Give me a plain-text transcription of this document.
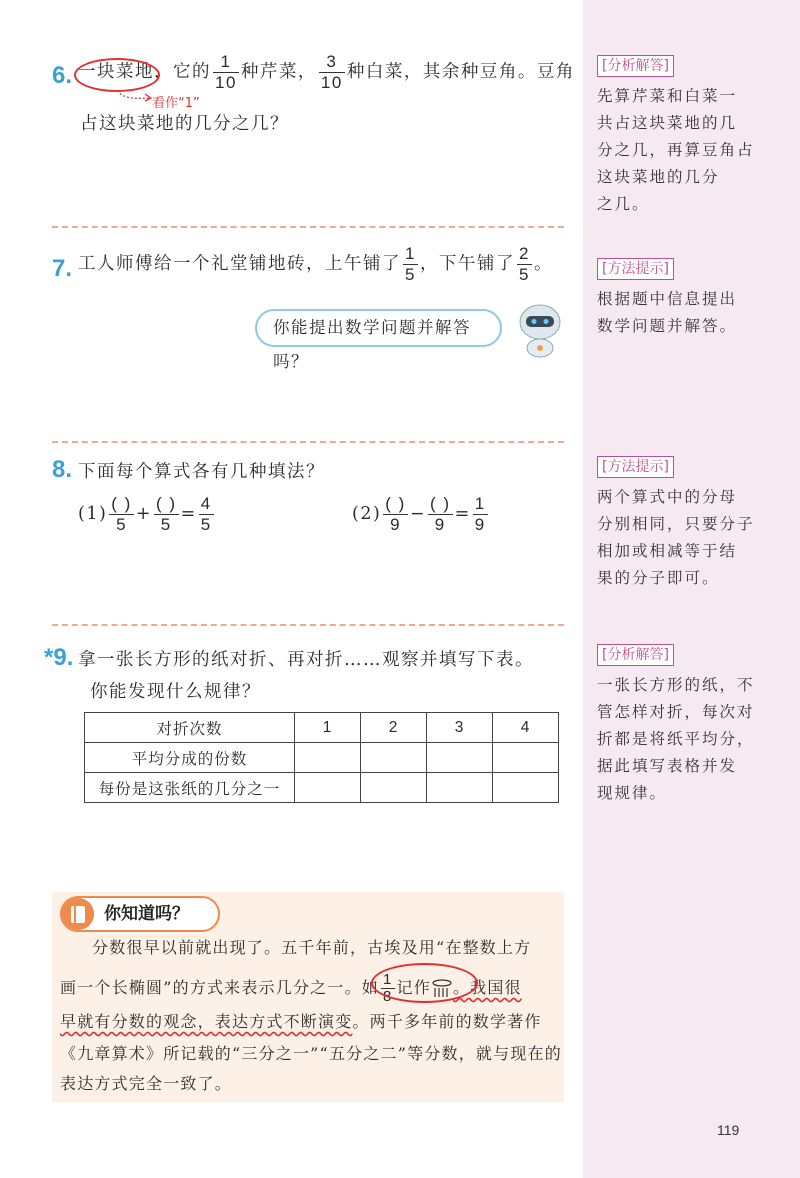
[分析解答]
先算芹菜和白菜一
共占这块菜地的几
分之几，再算豆角占
这块菜地的几分
之几。
[方法提示]
根据题中信息提出
数学问题并解答。
[方法提示]
两个算式中的分母
分别相同，只要分子
相加或相减等于结
果的分子即可。
[分析解答]
一张长方形的纸，不
管怎样对折，每次对
折都是将纸平均分，
据此填写表格并发
现规律。
6. 一块菜地，它的 $\frac{1}{10}$ 种芹菜， $\frac{3}{10}$ 种白菜，其余种豆角。豆角
看作“1”
占这块菜地的几分之几？
7. 工人师傅给一个礼堂铺地砖，上午铺了 $\frac{1}{5}$ ，下午铺了 $\frac{2}{5}$ 。
你能提出数学问题并解答吗？
8. 下面每个算式各有几种填法？
$(1) \frac{( )}{5} + \frac{( )}{5} = \frac{4}{5}$	$(2) \frac{( )}{9} - \frac{( )}{9} = \frac{1}{9}$
*9. 拿一张长方形的纸对折、再对折……观察并填写下表。
你能发现什么规律？
对折次数	1	2	3	4
平均分成的份数				
每份是这张纸的几分之一				
你知道吗？
分数很早以前就出现了。五千年前，古埃及用“在整数上方
画一个长椭圆”的方式来表示几分之一。如 $\frac{1}{8}$ 记作 。我国很
早就有分数的观念，表达方式不断演变。两千多年前的数学著作
《九章算术》所记载的“三分之一”“五分之二”等分数，就与现在的
表达方式完全一致了。
119
